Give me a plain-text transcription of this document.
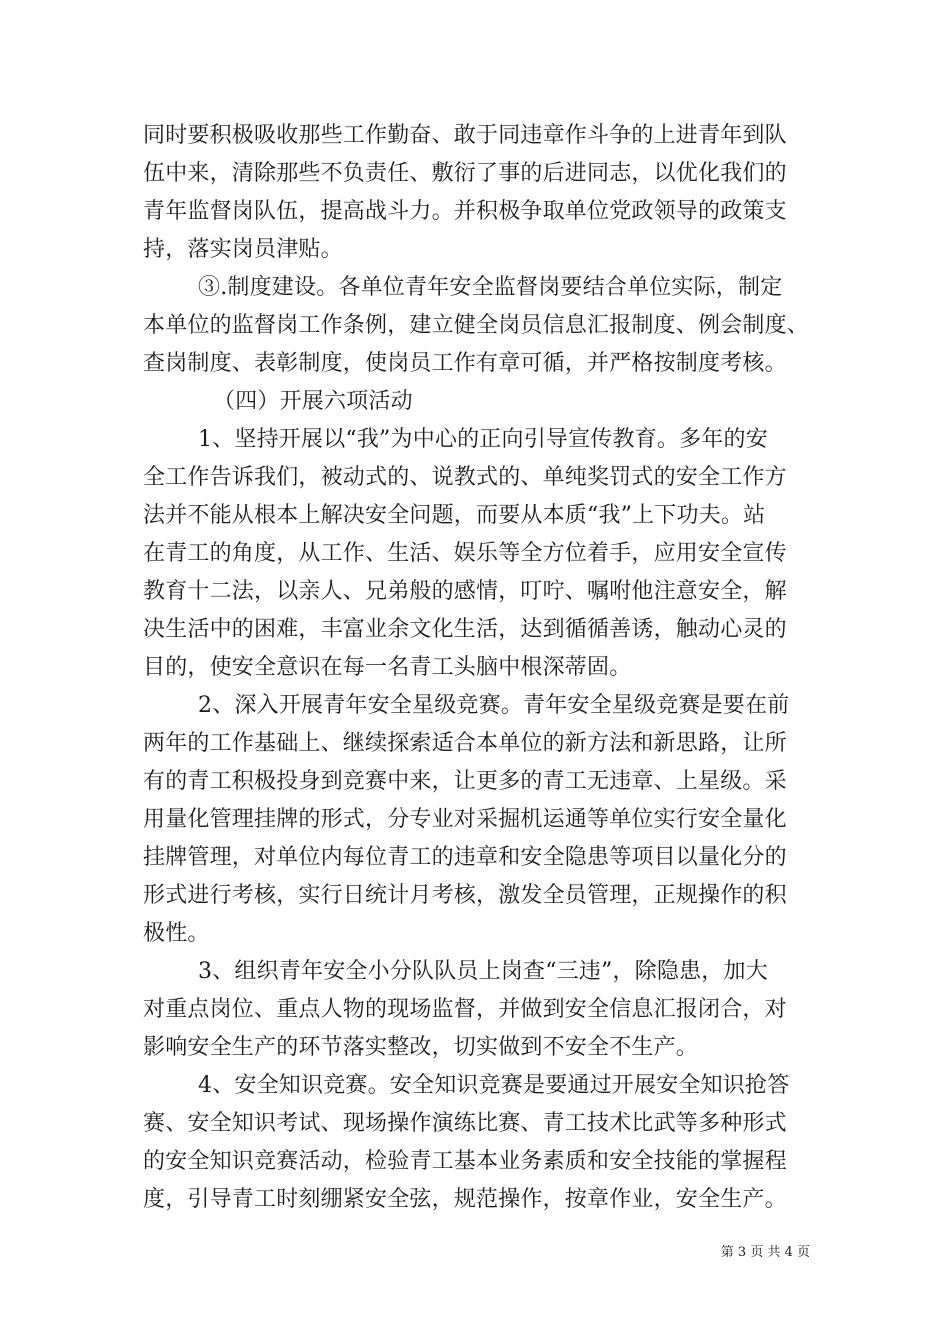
同时要积极吸收那些工作勤奋、敢于同违章作斗争的上进青年到队
伍中来，清除那些不负责任、敷衍了事的后进同志，以优化我们的
青年监督岗队伍，提高战斗力。并积极争取单位党政领导的政策支
持，落实岗员津贴。
③.制度建设。各单位青年安全监督岗要结合单位实际，制定
本单位的监督岗工作条例，建立健全岗员信息汇报制度、例会制度、
查岗制度、表彰制度，使岗员工作有章可循，并严格按制度考核。
（四）开展六项活动
1、坚持开展以“我”为中心的正向引导宣传教育。多年的安
全工作告诉我们，被动式的、说教式的、单纯奖罚式的安全工作方
法并不能从根本上解决安全问题，而要从本质“我”上下功夫。站
在青工的角度，从工作、生活、娱乐等全方位着手，应用安全宣传
教育十二法，以亲人、兄弟般的感情，叮咛、嘱咐他注意安全，解
决生活中的困难，丰富业余文化生活，达到循循善诱，触动心灵的
目的，使安全意识在每一名青工头脑中根深蒂固。
2、深入开展青年安全星级竞赛。青年安全星级竞赛是要在前
两年的工作基础上、继续探索适合本单位的新方法和新思路，让所
有的青工积极投身到竞赛中来，让更多的青工无违章、上星级。采
用量化管理挂牌的形式，分专业对采掘机运通等单位实行安全量化
挂牌管理，对单位内每位青工的违章和安全隐患等项目以量化分的
形式进行考核，实行日统计月考核，激发全员管理，正规操作的积
极性。
3、组织青年安全小分队队员上岗查“三违”，除隐患，加大
对重点岗位、重点人物的现场监督，并做到安全信息汇报闭合，对
影响安全生产的环节落实整改，切实做到不安全不生产。
4、安全知识竞赛。安全知识竞赛是要通过开展安全知识抢答
赛、安全知识考试、现场操作演练比赛、青工技术比武等多种形式
的安全知识竞赛活动，检验青工基本业务素质和安全技能的掌握程
度，引导青工时刻绷紧安全弦，规范操作，按章作业，安全生产。
第 3 页 共 4 页
